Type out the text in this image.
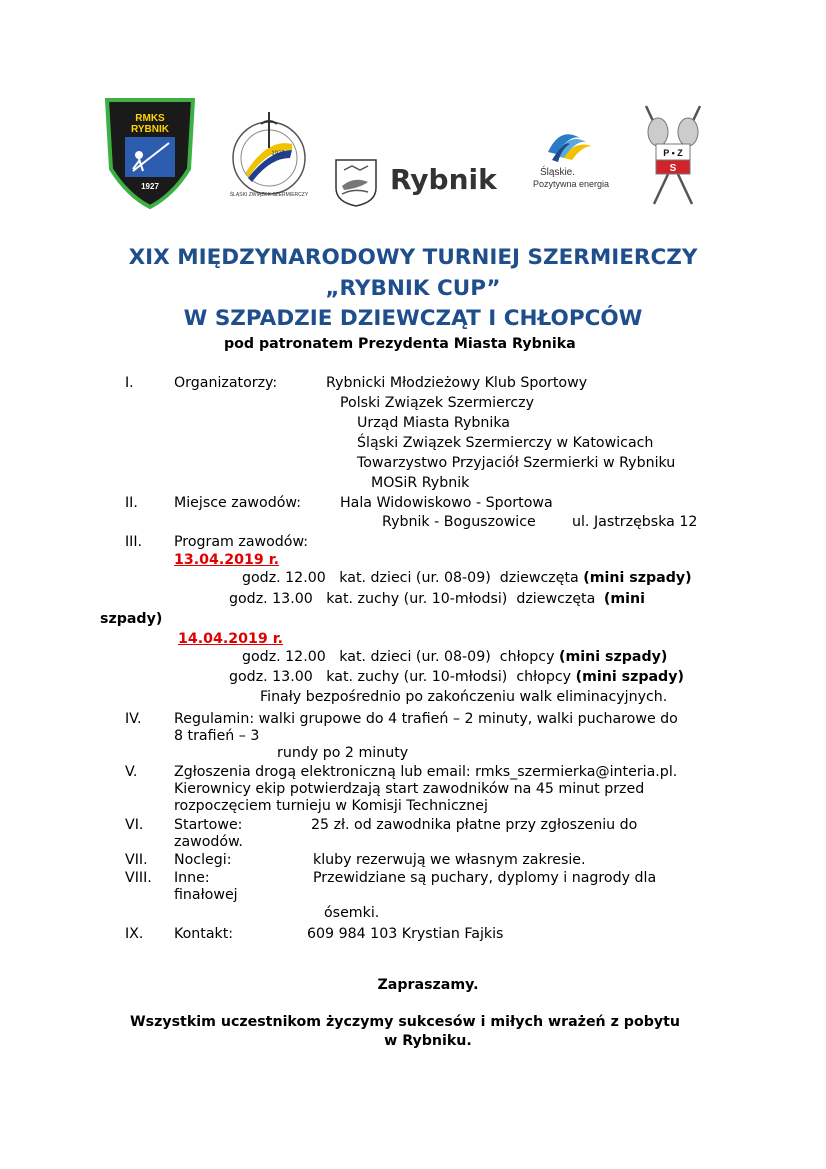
RMKS
RYBNIK
1927
1927
ŚLĄSKI ZWIĄZEK SZERMIERCZY	Rybnik	Śląskie.
Pozytywna energia
P • Z
S
XIX MIĘDZYNARODOWY TURNIEJ SZERMIERCZY
„RYBNIK CUP”
W SZPADZIE DZIEWCZĄT I CHŁOPCÓW
pod patronatem Prezydenta Miasta Rybnika
I.	Organizatorzy:	Rybnicki Młodzieżowy Klub Sportowy
Polski Związek Szermierczy
Urząd Miasta Rybnika
Śląski Związek Szermierczy w Katowicach
Towarzystwo Przyjaciół Szermierki w Rybniku
MOSiR Rybnik
II.	Miejsce zawodów:	Hala Widowiskowo - Sportowa
Rybnik - Boguszowice	ul. Jastrzębska 12
III. Program zawodów:
13.04.2019 r.
godz. 12.00   kat. dzieci (ur. 08-09)  dziewczęta (mini szpady)
godz. 13.00   kat. zuchy (ur. 10-młodsi)  dziewczęta (mini
szpady)
14.04.2019 r.
godz. 12.00   kat. dzieci (ur. 08-09)  chłopcy (mini szpady)
godz. 13.00   kat. zuchy (ur. 10-młodsi)  chłopcy (mini szpady)
Finały bezpośrednio po zakończeniu walk eliminacyjnych.
IV. Regulamin: walki grupowe do 4 trafień – 2 minuty, walki pucharowe do
8 trafień – 3
rundy po 2 minuty
V.	Zgłoszenia drogą elektroniczną lub email: rmks_szermierka@interia.pl.
Kierownicy ekip potwierdzają start zawodników na 45 minut przed
rozpoczęciem turnieju w Komisji Technicznej
VI. Startowe:	25 zł. od zawodnika płatne przy zgłoszeniu do
zawodów.
VII. Noclegi:	kluby rezerwują we własnym zakresie.
VIII. Inne:	Przewidziane są puchary, dyplomy i nagrody dla
finałowej
ósemki.
IX. Kontakt:	609 984 103 Krystian Fajkis
Zapraszamy.
Wszystkim uczestnikom życzymy sukcesów i miłych wrażeń z pobytu
w Rybniku.
